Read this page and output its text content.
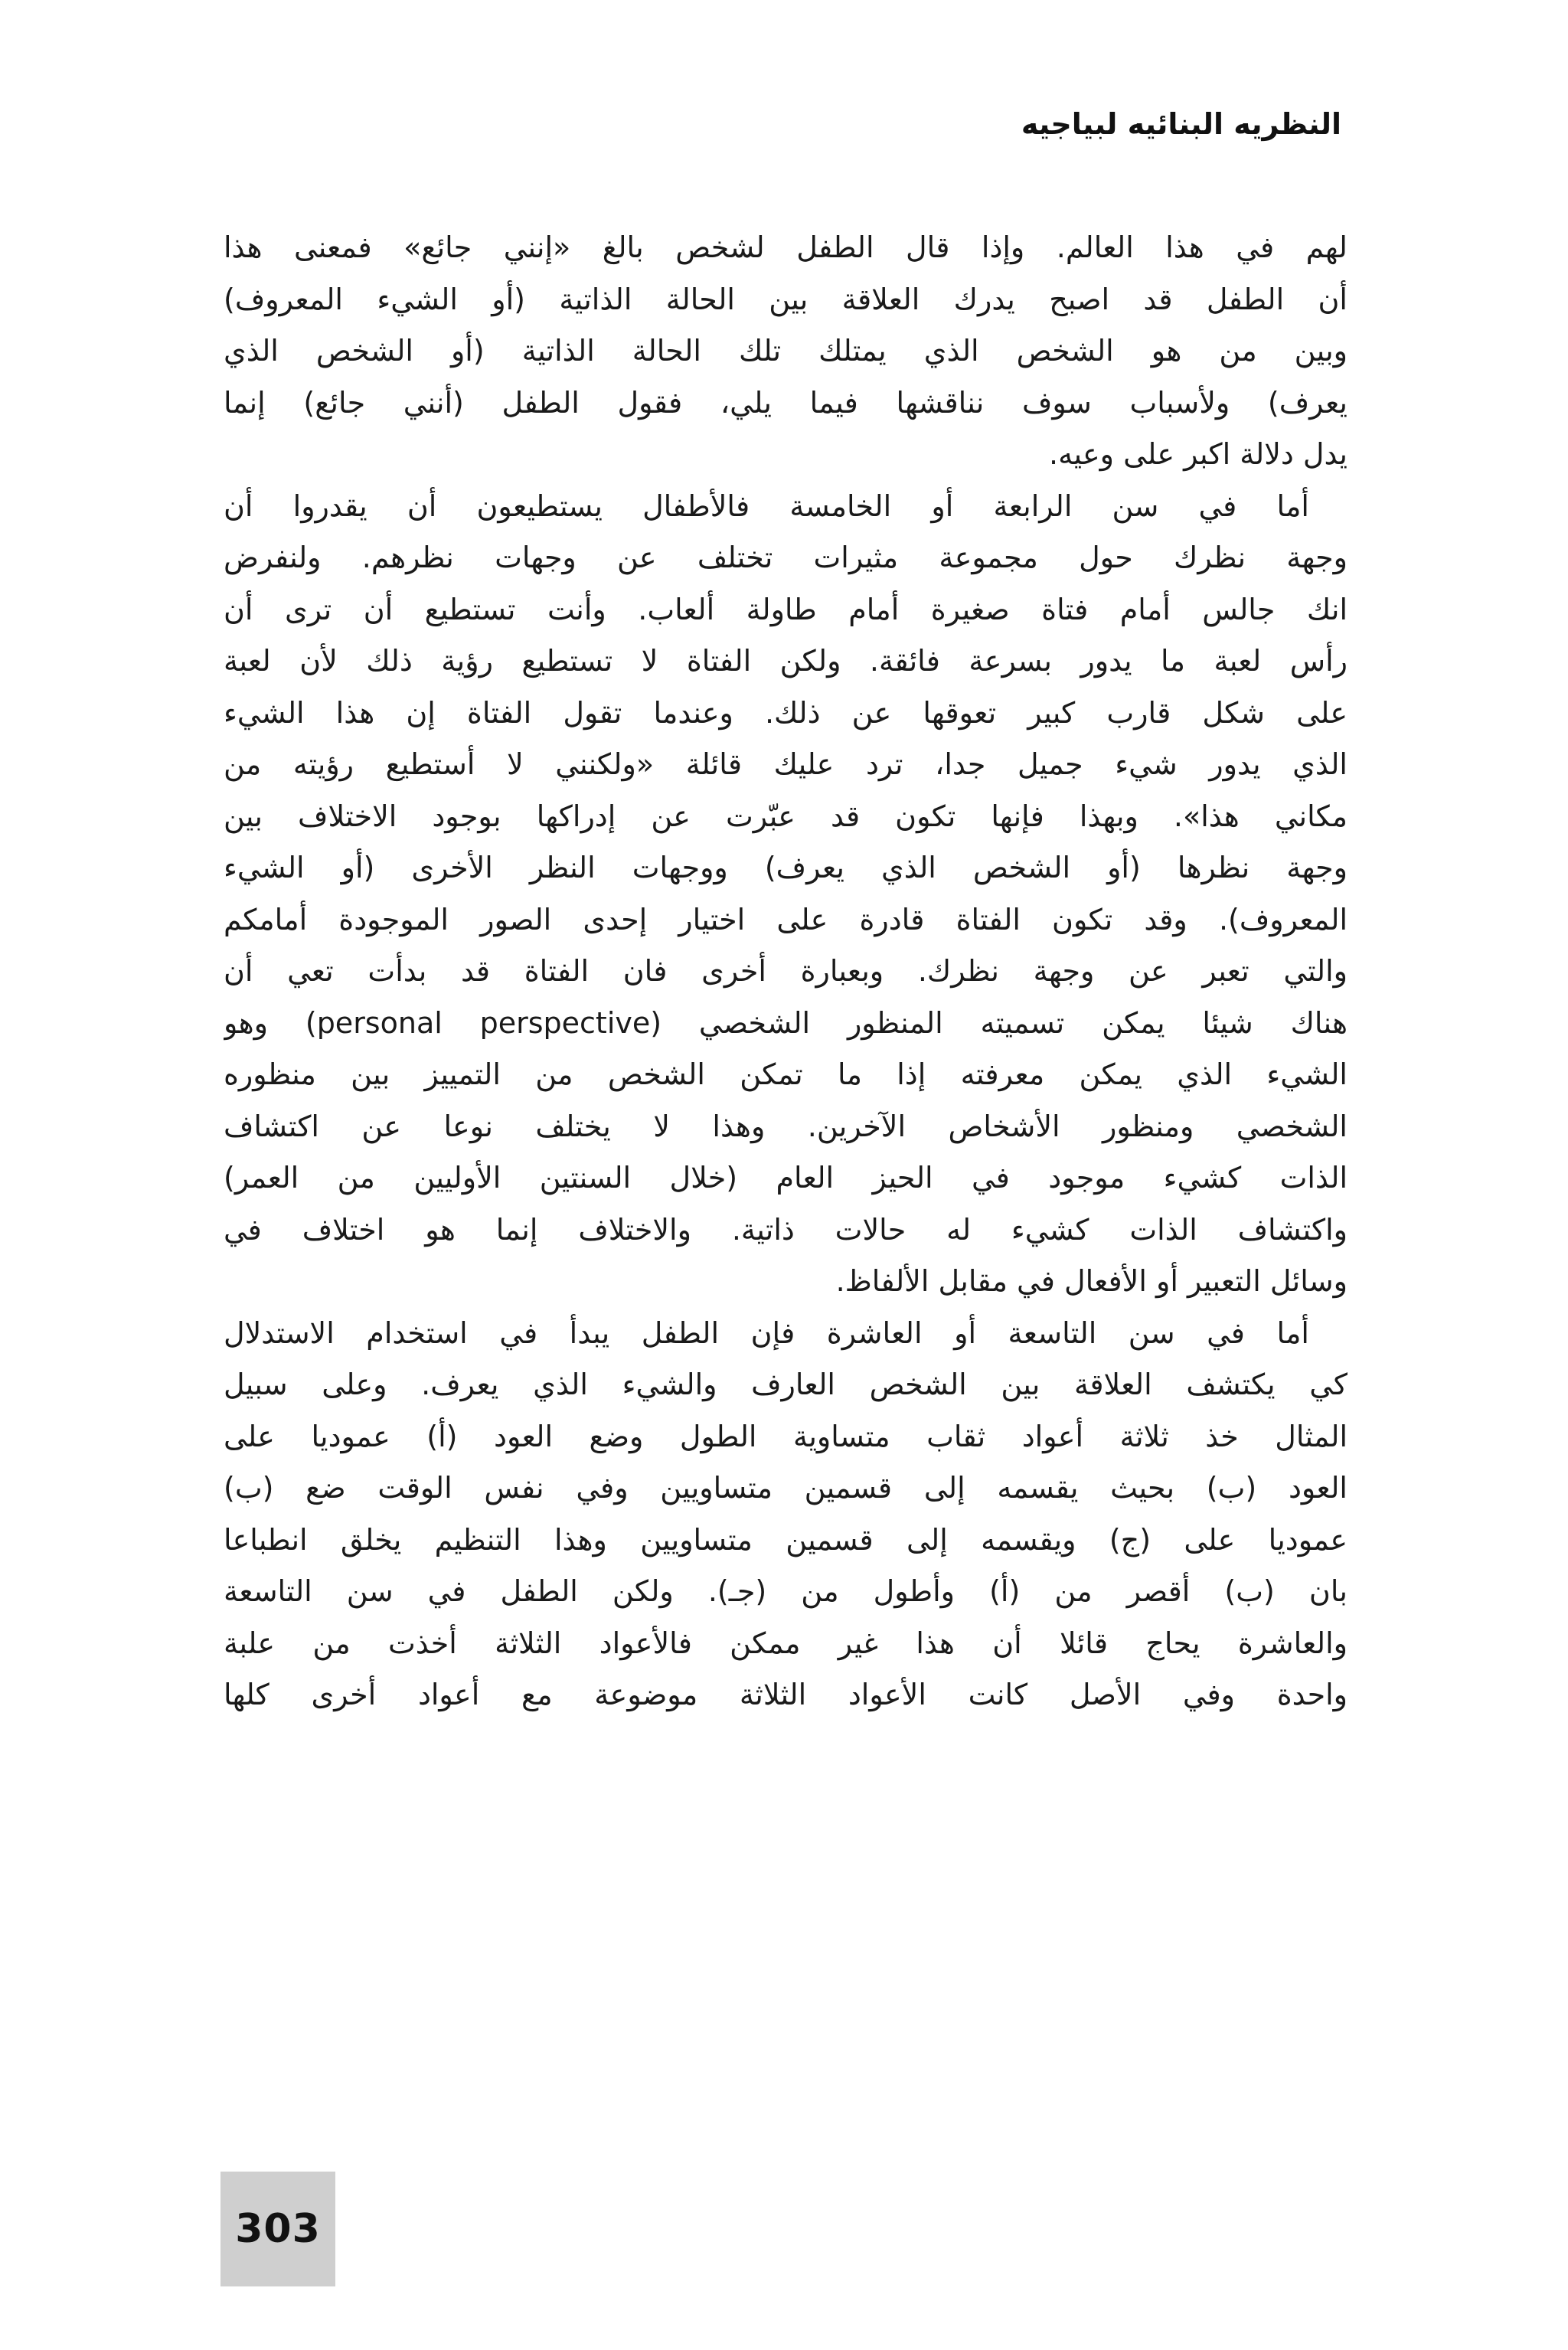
النظريه البنائيه لبياجيه
لهم في هذا العالم. وإذا قال الطفل لشخص بالغ «إنني جائع» فمعنى هذا
أن الطفل قد اصبح يدرك العلاقة بين الحالة الذاتية (أو الشيء المعروف)
وبين من هو الشخص الذي يمتلك تلك الحالة الذاتية (أو الشخص الذي
يعرف) ولأسباب سوف نناقشها فيما يلي، فقول الطفل (أنني جائع) إنما
يدل دلالة اكبر على وعيه.
أما في سن الرابعة أو الخامسة فالأطفال يستطيعون أن يقدروا أن
وجهة نظرك حول مجموعة مثيرات تختلف عن وجهات نظرهم. ولنفرض
انك جالس أمام فتاة صغيرة أمام طاولة ألعاب. وأنت تستطيع أن ترى أن
رأس لعبة ما يدور بسرعة فائقة. ولكن الفتاة لا تستطيع رؤية ذلك لأن لعبة
على شكل قارب كبير تعوقها عن ذلك. وعندما تقول الفتاة إن هذا الشيء
الذي يدور شيء جميل جدا، ترد عليك قائلة «ولكنني لا أستطيع رؤيته من
مكاني هذا». وبهذا فإنها تكون قد عبّرت عن إدراكها بوجود الاختلاف بين
وجهة نظرها (أو الشخص الذي يعرف) ووجهات النظر الأخرى (أو الشيء
المعروف). وقد تكون الفتاة قادرة على اختيار إحدى الصور الموجودة أمامكم
والتي تعبر عن وجهة نظرك. وبعبارة أخرى فان الفتاة قد بدأت تعي أن
هناك شيئا يمكن تسميته المنظور الشخصي (personal perspective) وهو
الشيء الذي يمكن معرفته إذا ما تمكن الشخص من التمييز بين منظوره
الشخصي ومنظور الأشخاص الآخرين. وهذا لا يختلف نوعا عن اكتشاف
الذات كشيء موجود في الحيز العام (خلال السنتين الأوليين من العمر)
واكتشاف الذات كشيء له حالات ذاتية. والاختلاف إنما هو اختلاف في
وسائل التعبير أو الأفعال في مقابل الألفاظ.
أما في سن التاسعة أو العاشرة فإن الطفل يبدأ في استخدام الاستدلال
كي يكتشف العلاقة بين الشخص العارف والشيء الذي يعرف. وعلى سبيل
المثال خذ ثلاثة أعواد ثقاب متساوية الطول وضع العود (أ) عموديا على
العود (ب) بحيث يقسمه إلى قسمين متساويين وفي نفس الوقت ضع (ب)
عموديا على (ج) ويقسمه إلى قسمين متساويين وهذا التنظيم يخلق انطباعا
بان (ب) أقصر من (أ) وأطول من (جـ). ولكن الطفل في سن التاسعة
والعاشرة يحاج قائلا أن هذا غير ممكن فالأعواد الثلاثة أخذت من علبة
واحدة وفي الأصل كانت الأعواد الثلاثة موضوعة مع أعواد أخرى كلها
303
